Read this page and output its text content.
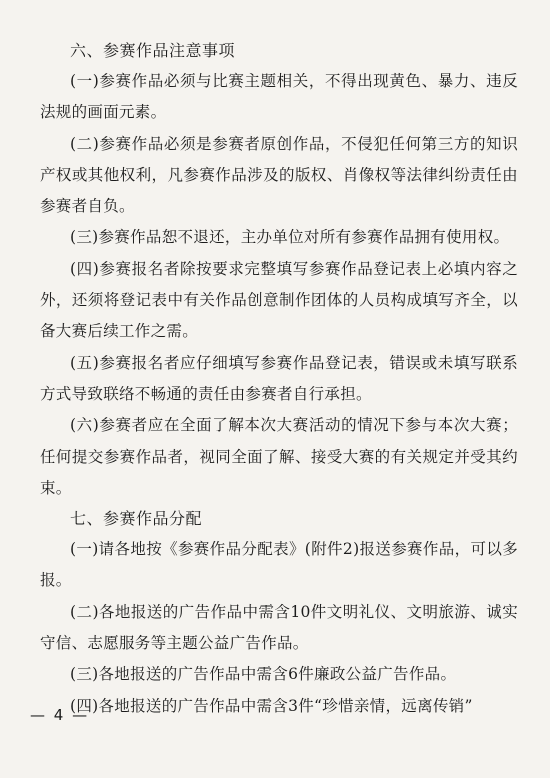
六、参赛作品注意事项

(一)参赛作品必须与比赛主题相关，不得出现黄色、暴力、违反法规的画面元素。

(二)参赛作品必须是参赛者原创作品，不侵犯任何第三方的知识产权或其他权利，凡参赛作品涉及的版权、肖像权等法律纠纷责任由参赛者自负。

(三)参赛作品恕不退还，主办单位对所有参赛作品拥有使用权。

(四)参赛报名者除按要求完整填写参赛作品登记表上必填内容之外，还须将登记表中有关作品创意制作团体的人员构成填写齐全，以备大赛后续工作之需。

(五)参赛报名者应仔细填写参赛作品登记表，错误或未填写联系方式导致联络不畅通的责任由参赛者自行承担。

(六)参赛者应在全面了解本次大赛活动的情况下参与本次大赛；任何提交参赛作品者，视同全面了解、接受大赛的有关规定并受其约束。

七、参赛作品分配

(一)请各地按《参赛作品分配表》(附件2)报送参赛作品，可以多报。

(二)各地报送的广告作品中需含10件文明礼仪、文明旅游、诚实守信、志愿服务等主题公益广告作品。

(三)各地报送的广告作品中需含6件廉政公益广告作品。

(四)各地报送的广告作品中需含3件“珍惜亲情，远离传销”

— 4 —
